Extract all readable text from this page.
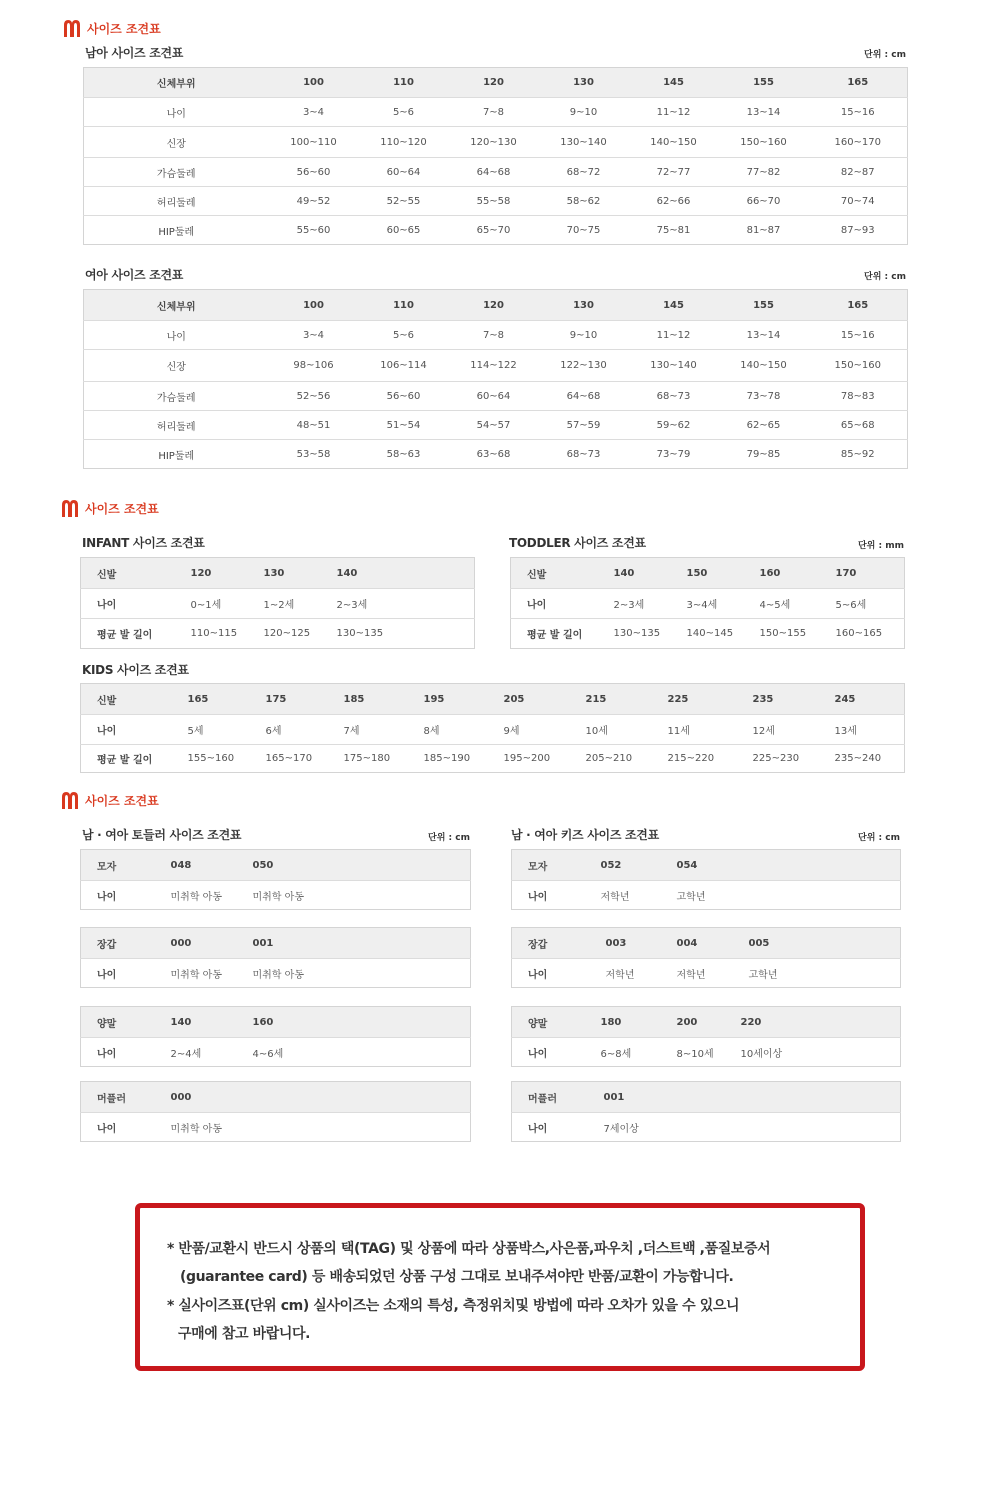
사이즈 조견표
사이즈 조견표
사이즈 조견표
남아 사이즈 조견표	단위 : cm
신체부위	100	110	120	130	145	155	165
나이	3~4	5~6	7~8	9~10	11~12	13~14	15~16
신장	100~110	110~120	120~130	130~140	140~150	150~160	160~170
가슴둘레	56~60	60~64	64~68	68~72	72~77	77~82	82~87
허리둘레	49~52	52~55	55~58	58~62	62~66	66~70	70~74
HIP둘레	55~60	60~65	65~70	70~75	75~81	81~87	87~93
여아 사이즈 조견표	단위 : cm
신체부위	100	110	120	130	145	155	165
나이	3~4	5~6	7~8	9~10	11~12	13~14	15~16
신장	98~106	106~114	114~122	122~130	130~140	140~150	150~160
가슴둘레	52~56	56~60	60~64	64~68	68~73	73~78	78~83
허리둘레	48~51	51~54	54~57	57~59	59~62	62~65	65~68
HIP둘레	53~58	58~63	63~68	68~73	73~79	79~85	85~92
INFANT 사이즈 조견표
신발	120	130	140
나이	0~1세	1~2세	2~3세
평균 발 길이	110~115	120~125	130~135
TODDLER 사이즈 조견표	단위 : mm
신발	140	150	160	170
나이	2~3세	3~4세	4~5세	5~6세
평균 발 길이	130~135	140~145	150~155	160~165
KIDS 사이즈 조견표
신발	165	175	185	195	205	215	225	235	245
나이	5세	6세	7세	8세	9세	10세	11세	12세	13세
평균 발 길이	155~160	165~170	175~180	185~190	195~200	205~210	215~220	225~230	235~240
남 · 여아 토들러 사이즈 조견표	단위 : cm
모자	048	050
나이	미취학 아동	미취학 아동
장갑	000	001
나이	미취학 아동	미취학 아동
양말	140	160
나이	2~4세	4~6세
머플러	000
나이	미취학 아동
남 · 여아 키즈 사이즈 조견표	단위 : cm
모자	052	054
나이	저학년	고학년
장갑	003	004	005
나이	저학년	저학년	고학년
양말	180	200	220
나이	6~8세	8~10세	10세이상
머플러	001
나이	7세이상
* 반품/교환시 반드시 상품의 택(TAG) 및 상품에 따라 상품박스,사은품,파우치 ,더스트백 ,품질보증서
(guarantee card) 등 배송되었던 상품 구성 그대로 보내주셔야만 반품/교환이 가능합니다.
* 실사이즈표(단위 cm) 실사이즈는 소재의 특성, 측정위치및 방법에 따라 오차가 있을 수 있으니
구매에 참고 바랍니다.
